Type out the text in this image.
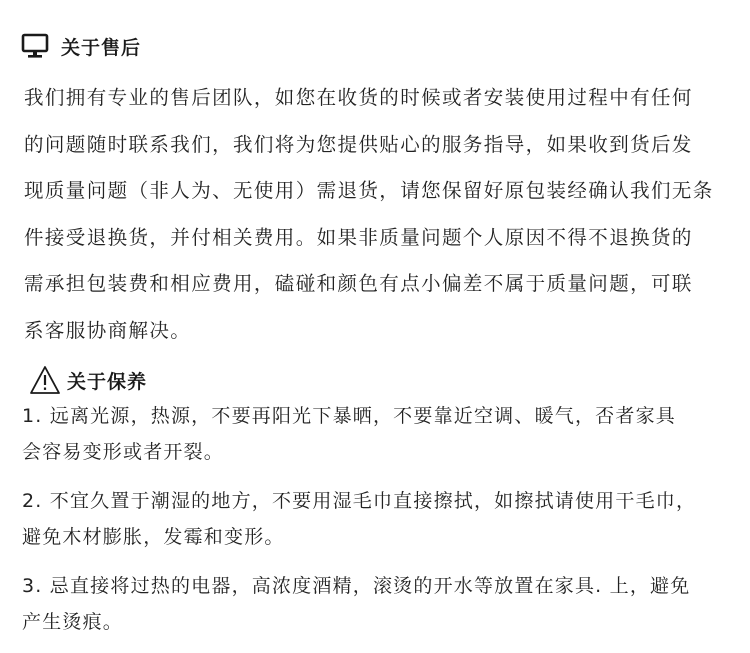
关于售后
我们拥有专业的售后团队，如您在收货的时候或者安装使用过程中有任何
的问题随时联系我们，我们将为您提供贴心的服务指导，如果收到货后发
现质量问题（非人为、无使用）需退货，请您保留好原包装经确认我们无条
件接受退换货，并付相关费用。如果非质量问题个人原因不得不退换货的
需承担包装费和相应费用，磕碰和颜色有点小偏差不属于质量问题，可联
系客服协商解决。
关于保养
1. 远离光源，热源，不要再阳光下暴晒，不要靠近空调、暖气，否者家具
会容易变形或者开裂。
2. 不宜久置于潮湿的地方，不要用湿毛巾直接擦拭，如擦拭请使用干毛巾，
避免木材膨胀，发霉和变形。
3. 忌直接将过热的电器，高浓度酒精，滚烫的开水等放置在家具. 上，避免
产生烫痕。
